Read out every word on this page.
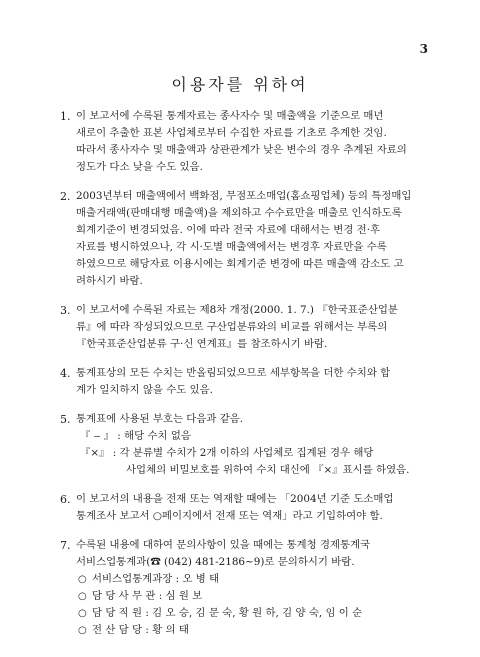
3
이용자를 위하여
1. 이 보고서에 수록된 통계자료는 종사자수 및 매출액을 기준으로 매년
새로이 추출한 표본 사업체로부터 수집한 자료를 기초로 추계한 것임.
따라서 종사자수 및 매출액과 상관관계가 낮은 변수의 경우 추계된 자료의
정도가 다소 낮을 수도 있음.
2. 2003년부터 매출액에서 백화점, 무점포소매업(홈쇼핑업체) 등의 특정매입
매출거래액(판매대행 매출액)을 제외하고 수수료만을 매출로 인식하도록
회계기준이 변경되었음. 이에 따라 전국 자료에 대해서는 변경 전·후
자료를 병시하였으나, 각 시·도별 매출액에서는 변경후 자료만을 수록
하였으므로 해당자료 이용시에는 회계기준 변경에 따른 매출액 감소도 고
려하시기 바람.
3. 이 보고서에 수록된 자료는 제8차 개정(2000. 1. 7.) 『한국표준산업분
류』에 따라 작성되었으므로 구산업분류와의 비교를 위해서는 부록의
『한국표준산업분류 구·신 연계표』를 참조하시기 바람.
4. 통계표상의 모든 수치는 반올림되었으므로 세부항목을 더한 수치와 합
계가 일치하지 않을 수도 있음.
5. 통계표에 사용된 부호는 다음과 같음.
『 ‒ 』 : 해당 수치 없음
『×』 : 각 분류별 수치가 2개 이하의 사업체로 집계된 경우 해당
사업체의 비밀보호를 위하여 수치 대신에 『×』표시를 하였음.
6. 이 보고서의 내용을 전재 또는 역재할 때에는 「2004년 기준 도소매업
통계조사 보고서 ○페이지에서 전재 또는 역재」라고 기입하여야 함.
7. 수록된 내용에 대하여 문의사항이 있을 때에는 통계청 경제통계국
서비스업통계과(☎ (042) 481-2186~9)로 문의하시기 바람.
○ 서비스업통계과장 : 오 병 태
○ 담 당 사 무 관 : 심 원 보
○ 담 당 직 원 : 김 오 승, 김 문 숙, 황 원 하, 김 양 숙, 임 이 순
○ 전 산 담 당 : 황 의 태
